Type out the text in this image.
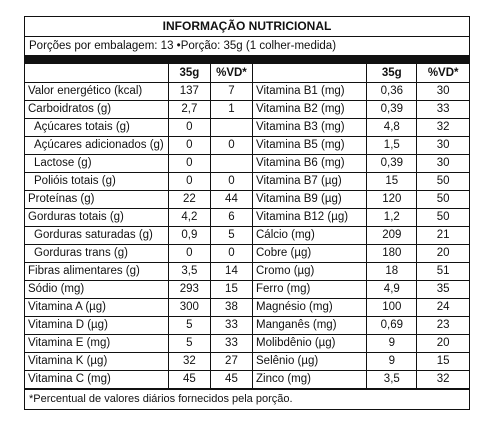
INFORMAÇÃO NUTRICIONAL
Porções por embalagem: 13 •Porção: 35g (1 colher-medida)
	35g	%VD*		35g	%VD*
Valor energético (kcal)	137	7	Vitamina B1 (mg)	0,36	30
Carboidratos (g)	2,7	1	Vitamina B2 (mg)	0,39	33
Açúcares totais (g)	0		Vitamina B3 (mg)	4,8	32
Açúcares adicionados (g)	0	0	Vitamina B5 (mg)	1,5	30
Lactose (g)	0		Vitamina B6 (mg)	0,39	30
Polióis totais (g)	0	0	Vitamina B7 (µg)	15	50
Proteínas (g)	22	44	Vitamina B9 (µg)	120	50
Gorduras totais (g)	4,2	6	Vitamina B12 (µg)	1,2	50
Gorduras saturadas (g)	0,9	5	Cálcio (mg)	209	21
Gorduras trans (g)	0	0	Cobre (µg)	180	20
Fibras alimentares (g)	3,5	14	Cromo (µg)	18	51
Sódio (mg)	293	15	Ferro (mg)	4,9	35
Vitamina A (µg)	300	38	Magnésio (mg)	100	24
Vitamina D (µg)	5	33	Manganês (mg)	0,69	23
Vitamina E (mg)	5	33	Molibdênio (µg)	9	20
Vitamina K (µg)	32	27	Selênio (µg)	9	15
Vitamina C (mg)	45	45	Zinco (mg)	3,5	32
*Percentual de valores diários fornecidos pela porção.
